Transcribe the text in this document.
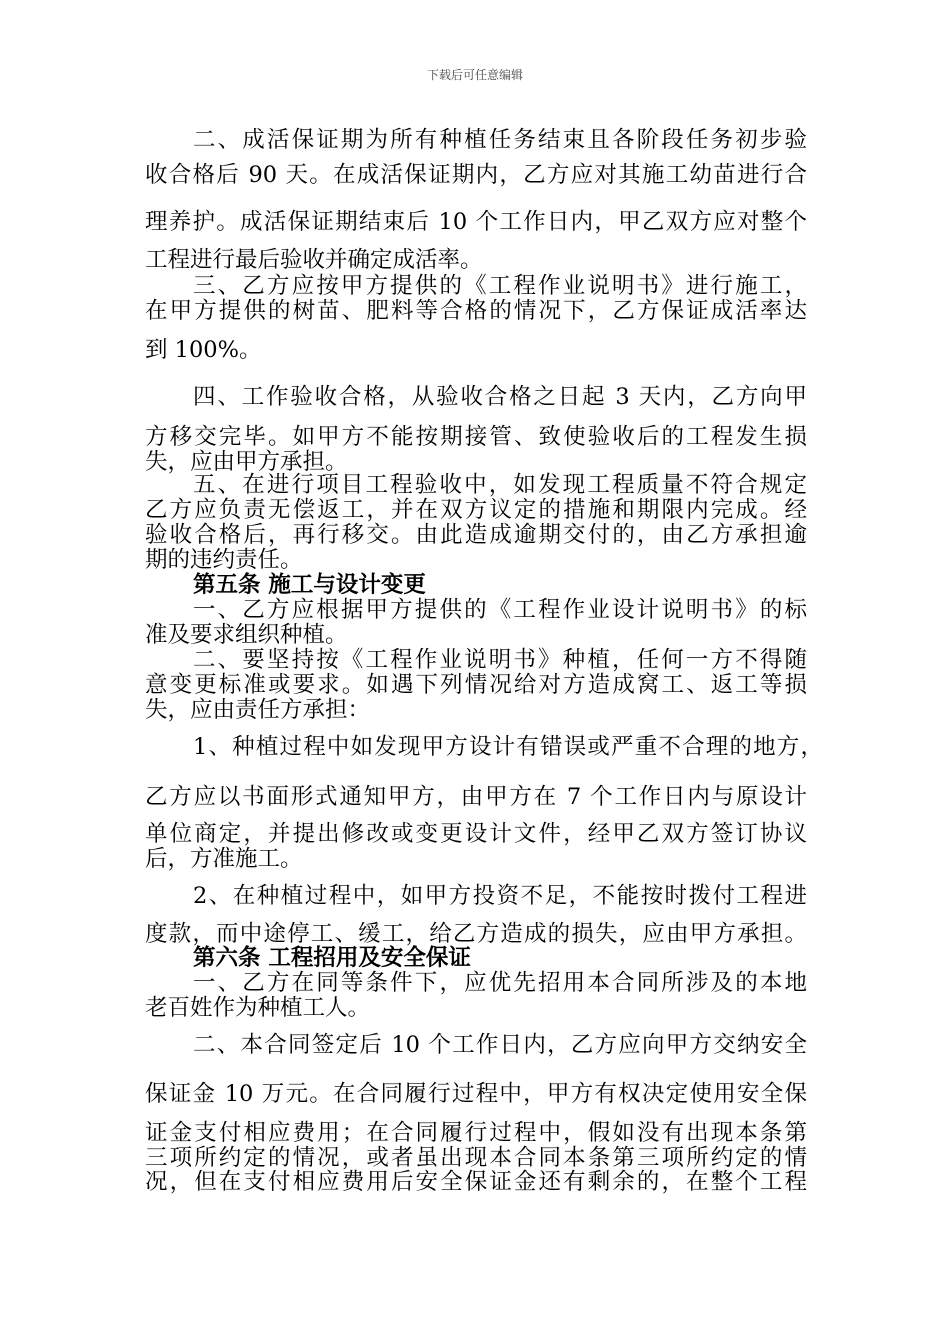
下载后可任意编辑
二、成活保证期为所有种植任务结束且各阶段任务初步验
收合格后 90 天。在成活保证期内，乙方应对其施工幼苗进行合
理养护。成活保证期结束后 10 个工作日内，甲乙双方应对整个
工程进行最后验收并确定成活率。
三、乙方应按甲方提供的《工程作业说明书》进行施工，
在甲方提供的树苗、肥料等合格的情况下，乙方保证成活率达
到 100%。
四、工作验收合格，从验收合格之日起 3 天内，乙方向甲
方移交完毕。如甲方不能按期接管、致使验收后的工程发生损
失，应由甲方承担。
五、在进行项目工程验收中，如发现工程质量不符合规定
乙方应负责无偿返工，并在双方议定的措施和期限内完成。经
验收合格后，再行移交。由此造成逾期交付的，由乙方承担逾
期的违约责任。
第五条 施工与设计变更
一、乙方应根据甲方提供的《工程作业设计说明书》的标
准及要求组织种植。
二、要坚持按《工程作业说明书》种植，任何一方不得随
意变更标准或要求。如遇下列情况给对方造成窝工、返工等损
失，应由责任方承担：
1、种植过程中如发现甲方设计有错误或严重不合理的地方，
乙方应以书面形式通知甲方，由甲方在 7 个工作日内与原设计
单位商定，并提出修改或变更设计文件，经甲乙双方签订协议
后，方准施工。
2、在种植过程中，如甲方投资不足，不能按时拨付工程进
度款，而中途停工、缓工，给乙方造成的损失，应由甲方承担。
第六条 工程招用及安全保证
一、乙方在同等条件下，应优先招用本合同所涉及的本地
老百姓作为种植工人。
二、本合同签定后 10 个工作日内，乙方应向甲方交纳安全
保证金 10 万元。在合同履行过程中，甲方有权决定使用安全保
证金支付相应费用；在合同履行过程中，假如没有出现本条第
三项所约定的情况，或者虽出现本合同本条第三项所约定的情
况，但在支付相应费用后安全保证金还有剩余的，在整个工程
